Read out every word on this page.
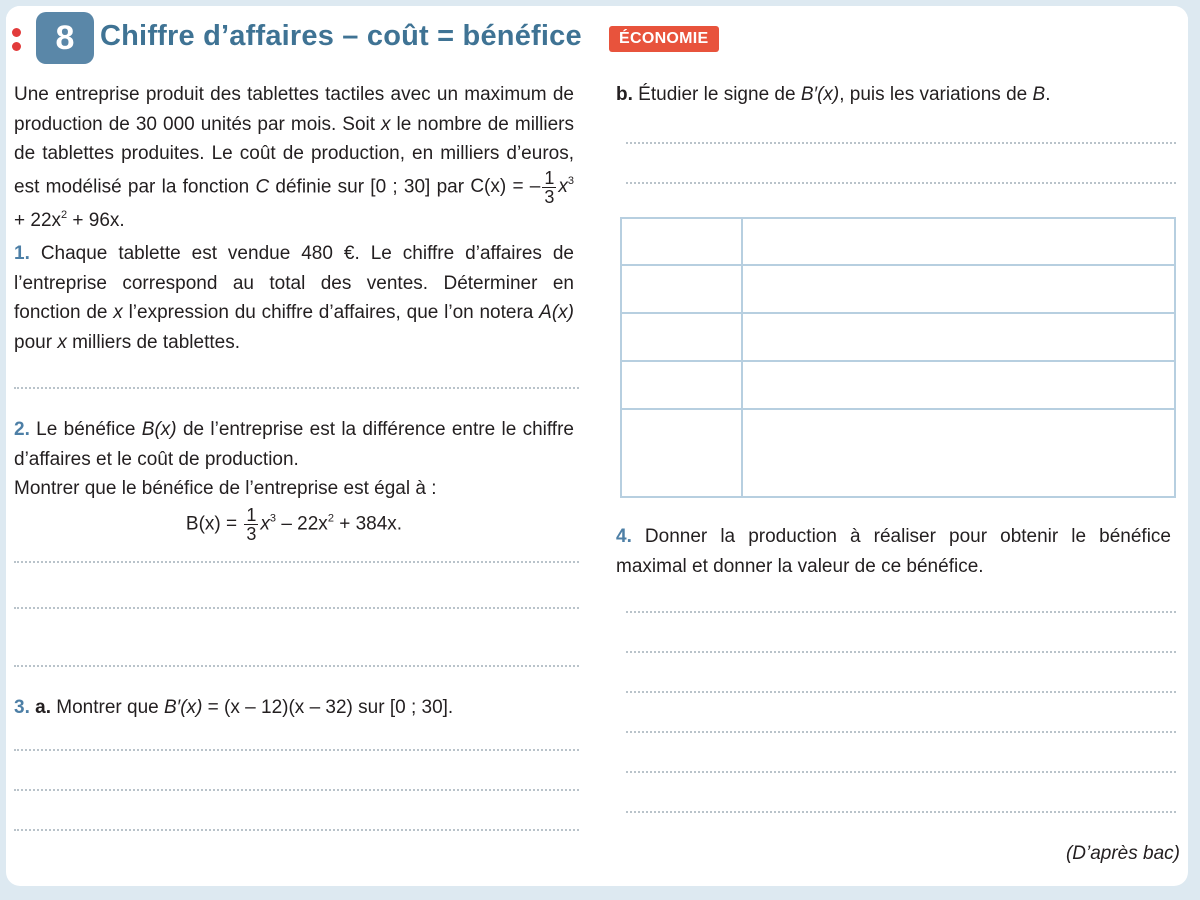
8 Chiffre d’affaires – coût = bénéfice	ÉCONOMIE

Une entreprise produit des tablettes tactiles avec un maximum de production de 30 000 unités par mois. Soit x le nombre de milliers de tablettes produites. Le coût de production, en milliers d’euros, est modélisé par la fonction C définie sur [0 ; 30] par C(x) = – $\frac{1}{3} x^3 + 22x^2 + 96x$.

1. Chaque tablette est vendue 480 €. Le chiffre d’affaires de l’entreprise correspond au total des ventes. Déterminer en fonction de x l’expression du chiffre d’affaires, que l’on notera A(x) pour x milliers de tablettes.

2. Le bénéfice B(x) de l’entreprise est la différence entre le chiffre d’affaires et le coût de production.

Montrer que le bénéfice de l’entreprise est égal à :

$B(x) = \frac{1}{3} x^3 - 22x^2 + 384x$.

3. a. Montrer que B′(x) = (x – 12)(x – 32) sur [0 ; 30].

b. Étudier le signe de B′(x), puis les variations de B.

4. Donner la production à réaliser pour obtenir le bénéfice maximal et donner la valeur de ce bénéfice.

(D’après bac)
